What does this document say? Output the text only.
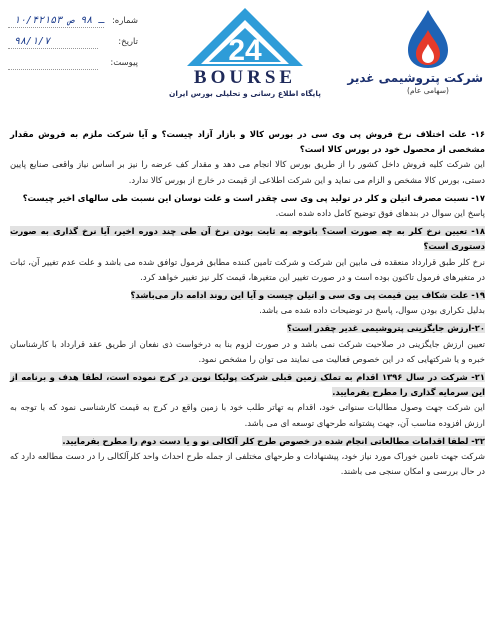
شماره:
۱۰/۴۲۱۵۳ ـ ۹۸ ص
تاریخ:
۹۸/۱/۷
پیوست:	24
BOURSE
پایگاه اطلاع رسانی و تحلیلی بورس ایران
شرکت پتروشیمی غدیر
(سهامی عام)

۱۶- علت اختلاف نرخ فروش پی وی سی در بورس کالا و بازار آزاد چیست؟ و آیا شرکت ملزم به فروش مقدار مشخصی از محصول خود در بورس کالا است؟

این شرکت کلیه فروش داخل کشور را از طریق بورس کالا انجام می دهد و مقدار کف عرضه را نیز بر اساس نیاز واقعی صنایع پایین دستی، بورس کالا مشخص و الزام می نماید و این شرکت اطلاعی از قیمت در خارج از بورس کالا ندارد.

۱۷- نسبت مصرف اتیلن و کلر در تولید پی وی سی چقدر است و علت نوسان این نسبت طی سالهای اخیر چیست؟

پاسخ این سوال در بندهای فوق توضیح کامل داده شده است.

۱۸- تعیین نرخ کلر به چه صورت است؟ باتوجه به ثابت بودن نرخ آن طی چند دوره اخیر، آیا نرخ گذاری به صورت دستوری است؟

نرخ کلر طبق قرارداد منعقده فی مابین این شرکت و شرکت تامین کننده مطابق فرمول توافق شده می باشد و علت عدم تغییر آن، ثبات در متغیرهای فرمول تاکنون بوده است و در صورت تغییر این متغیرها، قیمت کلر نیز تغییر خواهد کرد.

۱۹- علت شکاف بین قیمت پی وی سی و اتیلن چیست و آیا این روند ادامه دار می‌باشد؟

بدلیل تکراری بودن سوال، پاسخ در توضیحات داده شده می باشد.

۲۰-ارزش جایگزینی پتروشیمی غدیر چقدر است؟

تعیین ارزش جایگزینی در صلاحیت شرکت نمی باشد و در صورت لزوم بنا به درخواست ذی نفعان از طریق عقد قرارداد با کارشناسان خبره و یا شرکتهایی که در این خصوص فعالیت می نمایند می توان را مشخص نمود.

۲۱- شرکت در سال ۱۳۹۶ اقدام به تملک زمین قبلی شرکت پولیکا نوین در کرج نموده است، لطفا هدف و برنامه از این سرمایه گذاری را مطرح بفرمایید.

این شرکت جهت وصول مطالبات سنواتی خود، اقدام به تهاتر طلب خود با زمین واقع در کرج به قیمت کارشناسی نمود که با توجه به ارزش افزوده مناسب آن، جهت پشتوانه طرحهای توسعه ای می باشد.

۲۲- لطفا اقدامات مطالعاتی انجام شده در خصوص طرح کلر آلکالی نو و یا دست دوم را مطرح بفرمایید.

شرکت جهت تامین خوراک مورد نیاز خود، پیشنهادات و طرحهای مختلفی از جمله طرح احداث واحد کلرآلکالی را در دست مطالعه دارد که در حال بررسی و امکان سنجی می باشند.
